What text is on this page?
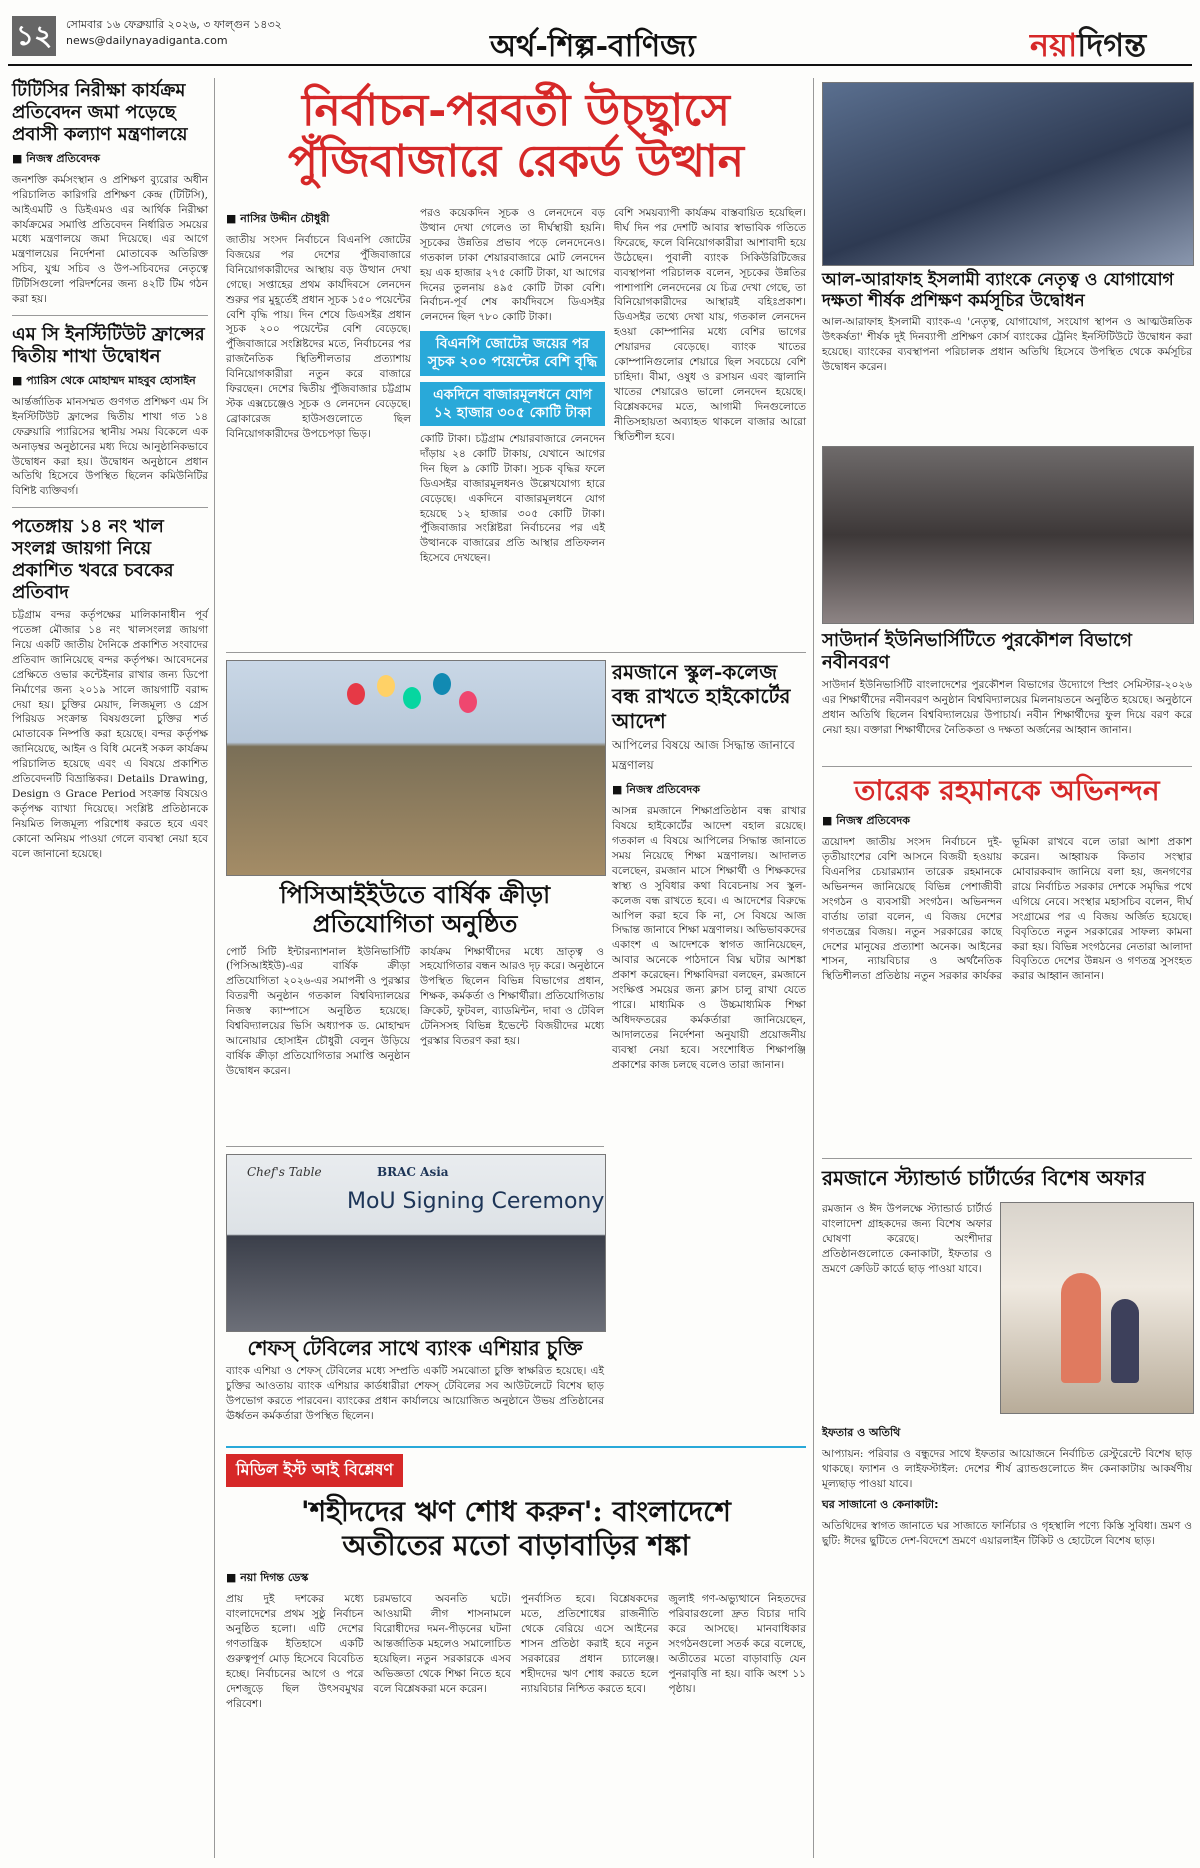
১২	সোমবার ১৬ ফেব্রুয়ারি ২০২৬, ৩ ফাল্গুন ১৪৩২
news@dailynayadiganta.com	অর্থ-শিল্প-বাণিজ্য	নয়াদিগন্ত
টিটিসির নিরীক্ষা কার্যক্রম প্রতিবেদন জমা পড়েছে প্রবাসী কল্যাণ মন্ত্রণালয়ে
■ নিজস্ব প্রতিবেদক

জনশক্তি কর্মসংস্থান ও প্রশিক্ষণ ব্যুরোর অধীন পরিচালিত কারিগরি প্রশিক্ষণ কেন্দ্র (টিটিসি), আইএমটি ও ডিইএমও এর আর্থিক নিরীক্ষা কার্যক্রমের সমাপ্তি প্রতিবেদন নির্ধারিত সময়ের মধ্যে মন্ত্রণালয়ে জমা দিয়েছে। এর আগে মন্ত্রণালয়ের নির্দেশনা মোতাবেক অতিরিক্ত সচিব, যুগ্ম সচিব ও উপ-সচিবদের নেতৃত্বে টিটিসিগুলো পরিদর্শনের জন্য ৪২টি টিম গঠন করা হয়।

এম সি ইনস্টিটিউট ফ্রান্সের দ্বিতীয় শাখা উদ্বোধন
■ প্যারিস থেকে মোহাম্মদ মাহবুব হোসাইন

আর্ন্তর্জাতিক মানসম্মত গুণগত প্রশিক্ষণ এম সি ইনস্টিটিউট ফ্রান্সের দ্বিতীয় শাখা গত ১৪ ফেব্রুয়ারি প্যারিসের স্থানীয় সময় বিকেলে এক অনাড়ম্বর অনুষ্ঠানের মধ্য দিয়ে আনুষ্ঠানিকভাবে উদ্বোধন করা হয়। উদ্বোধন অনুষ্ঠানে প্রধান অতিথি হিসেবে উপস্থিত ছিলেন কমিউনিটির বিশিষ্ট ব্যক্তিবর্গ।

পতেঙ্গায় ১৪ নং খাল সংলগ্ন জায়গা নিয়ে প্রকাশিত খবরে চবকের প্রতিবাদ

চট্টগ্রাম বন্দর কর্তৃপক্ষের মালিকানাধীন পূর্ব পতেঙ্গা মৌজার ১৪ নং খালসংলগ্ন জায়গা নিয়ে একটি জাতীয় দৈনিকে প্রকাশিত সংবাদের প্রতিবাদ জানিয়েছে বন্দর কর্তৃপক্ষ। আবেদনের প্রেক্ষিতে ওভার কন্টেইনার রাখার জন্য ডিপো নির্মাণের জন্য ২০১৯ সালে জায়গাটি বরাদ্দ দেয়া হয়। চুক্তির মেয়াদ, লিজমূল্য ও গ্রেস পিরিয়ড সংক্রান্ত বিষয়গুলো চুক্তির শর্ত মোতাবেক নিষ্পত্তি করা হয়েছে। বন্দর কর্তৃপক্ষ জানিয়েছে, আইন ও বিধি মেনেই সকল কার্যক্রম পরিচালিত হয়েছে এবং এ বিষয়ে প্রকাশিত প্রতিবেদনটি বিভ্রান্তিকর। Details Drawing, Design ও Grace Period সংক্রান্ত বিষয়েও কর্তৃপক্ষ ব্যাখ্যা দিয়েছে। সংশ্লিষ্ট প্রতিষ্ঠানকে নিয়মিত লিজমূল্য পরিশোধ করতে হবে এবং কোনো অনিয়ম পাওয়া গেলে ব্যবস্থা নেয়া হবে বলে জানানো হয়েছে।

নির্বাচন-পরবর্তী উচ্ছ্বাসে
পুঁজিবাজারে রেকর্ড উত্থান
■ নাসির উদ্দীন চৌধুরী

জাতীয় সংসদ নির্বাচনে বিএনপি জোটের বিজয়ের পর দেশের পুঁজিবাজারে বিনিয়োগকারীদের আস্থায় বড় উত্থান দেখা গেছে। সপ্তাহের প্রথম কার্যদিবসে লেনদেন শুরুর পর মুহূর্তেই প্রধান সূচক ১৫০ পয়েন্টের বেশি বৃদ্ধি পায়। দিন শেষে ডিএসইর প্রধান সূচক ২০০ পয়েন্টের বেশি বেড়েছে। পুঁজিবাজারে সংশ্লিষ্টদের মতে, নির্বাচনের পর রাজনৈতিক স্থিতিশীলতার প্রত্যাশায় বিনিয়োগকারীরা নতুন করে বাজারে ফিরছেন। দেশের দ্বিতীয় পুঁজিবাজার চট্টগ্রাম স্টক এক্সচেঞ্জেও সূচক ও লেনদেন বেড়েছে। ব্রোকারেজ হাউসগুলোতে ছিল বিনিয়োগকারীদের উপচেপড়া ভিড়।

পরও কয়েকদিন সূচক ও লেনদেনে বড় উত্থান দেখা গেলেও তা দীর্ঘস্থায়ী হয়নি। সূচকের উন্নতির প্রভাব পড়ে লেনদেনেও। গতকাল ঢাকা শেয়ারবাজারে মোট লেনদেন হয় এক হাজার ২৭৫ কোটি টাকা, যা আগের দিনের তুলনায় ৪৯৫ কোটি টাকা বেশি। নির্বাচন-পূর্ব শেষ কার্যদিবসে ডিএসইর লেনদেন ছিল ৭৮০ কোটি টাকা।

বিএনপি জোটের জয়ের পর সূচক ২০০ পয়েন্টের বেশি বৃদ্ধি
একদিনে বাজারমূলধনে যোগ ১২ হাজার ৩০৫ কোটি টাকা

কোটি টাকা। চট্টগ্রাম শেয়ারবাজারে লেনদেন দাঁড়ায় ২৪ কোটি টাকায়, যেখানে আগের দিন ছিল ৯ কোটি টাকা। সূচক বৃদ্ধির ফলে ডিএসইর বাজারমূলধনও উল্লেখযোগ্য হারে বেড়েছে। একদিনে বাজারমূলধনে যোগ হয়েছে ১২ হাজার ৩০৫ কোটি টাকা। পুঁজিবাজার সংশ্লিষ্টরা নির্বাচনের পর এই উত্থানকে বাজারের প্রতি আস্থার প্রতিফলন হিসেবে দেখছেন।

বেশি সময়ব্যাপী কার্যক্রম বাস্তবায়িত হয়েছিল। দীর্ঘ দিন পর দেশটি আবার স্বাভাবিক গতিতে ফিরেছে, ফলে বিনিয়োগকারীরা আশাবাদী হয়ে উঠেছেন। পুবালী ব্যাংক সিকিউরিটিজের ব্যবস্থাপনা পরিচালক বলেন, সূচকের উন্নতির পাশাপাশি লেনদেনের যে চিত্র দেখা গেছে, তা বিনিয়োগকারীদের আস্থারই বহিঃপ্রকাশ। ডিএসইর তথ্যে দেখা যায়, গতকাল লেনদেন হওয়া কোম্পানির মধ্যে বেশির ভাগের শেয়ারদর বেড়েছে। ব্যাংক খাতের কোম্পানিগুলোর শেয়ারে ছিল সবচেয়ে বেশি চাহিদা। বীমা, ওষুধ ও রসায়ন এবং জ্বালানি খাতের শেয়ারেও ভালো লেনদেন হয়েছে। বিশ্লেষকদের মতে, আগামী দিনগুলোতে নীতিসহায়তা অব্যাহত থাকলে বাজার আরো স্থিতিশীল হবে।

পিসিআইইউতে বার্ষিক ক্রীড়া প্রতিযোগিতা অনুষ্ঠিত

পোর্ট সিটি ইন্টারন্যাশনাল ইউনিভার্সিটি (পিসিআইইউ)-এর বার্ষিক ক্রীড়া প্রতিযোগিতা ২০২৬-এর সমাপনী ও পুরস্কার বিতরণী অনুষ্ঠান গতকাল বিশ্ববিদ্যালয়ের নিজস্ব ক্যাম্পাসে অনুষ্ঠিত হয়েছে। বিশ্ববিদ্যালয়ের ভিসি অধ্যাপক ড. মোহাম্মদ আনোয়ার হোসাইন চৌধুরী বেলুন উড়িয়ে বার্ষিক ক্রীড়া প্রতিযোগিতার সমাপ্তি অনুষ্ঠান উদ্বোধন করেন।

কার্যক্রম শিক্ষার্থীদের মধ্যে ভ্রাতৃত্ব ও সহযোগিতার বন্ধন আরও দৃঢ় করে। অনুষ্ঠানে উপস্থিত ছিলেন বিভিন্ন বিভাগের প্রধান, শিক্ষক, কর্মকর্তা ও শিক্ষার্থীরা। প্রতিযোগিতায় ক্রিকেট, ফুটবল, ব্যাডমিন্টন, দাবা ও টেবিল টেনিসসহ বিভিন্ন ইভেন্টে বিজয়ীদের মধ্যে পুরস্কার বিতরণ করা হয়।

Chef's Table	BRAC Asia
MoU Signing Ceremony
শেফস্ টেবিলের সাথে ব্যাংক এশিয়ার চুক্তি

ব্যাংক এশিয়া ও শেফস্ টেবিলের মধ্যে সম্প্রতি একটি সমঝোতা চুক্তি স্বাক্ষরিত হয়েছে। এই চুক্তির আওতায় ব্যাংক এশিয়ার কার্ডধারীরা শেফস্ টেবিলের সব আউটলেটে বিশেষ ছাড় উপভোগ করতে পারবেন। ব্যাংকের প্রধান কার্যালয়ে আয়োজিত অনুষ্ঠানে উভয় প্রতিষ্ঠানের ঊর্ধ্বতন কর্মকর্তারা উপস্থিত ছিলেন।

রমজানে স্কুল-কলেজ বন্ধ রাখতে হাইকোর্টের আদেশ
আপিলের বিষয়ে আজ সিদ্ধান্ত জানাবে মন্ত্রণালয়
■ নিজস্ব প্রতিবেদক

আসন্ন রমজানে শিক্ষাপ্রতিষ্ঠান বন্ধ রাখার বিষয়ে হাইকোর্টের আদেশ বহাল রয়েছে। গতকাল এ বিষয়ে আপিলের সিদ্ধান্ত জানাতে সময় নিয়েছে শিক্ষা মন্ত্রণালয়। আদালত বলেছেন, রমজান মাসে শিক্ষার্থী ও শিক্ষকদের স্বাস্থ্য ও সুবিধার কথা বিবেচনায় সব স্কুল-কলেজ বন্ধ রাখতে হবে। এ আদেশের বিরুদ্ধে আপিল করা হবে কি না, সে বিষয়ে আজ সিদ্ধান্ত জানাবে শিক্ষা মন্ত্রণালয়। অভিভাবকদের একাংশ এ আদেশকে স্বাগত জানিয়েছেন, আবার অনেকে পাঠদানে বিঘ্ন ঘটার আশঙ্কা প্রকাশ করেছেন। শিক্ষাবিদরা বলছেন, রমজানে সংক্ষিপ্ত সময়ের জন্য ক্লাস চালু রাখা যেতে পারে। মাধ্যমিক ও উচ্চমাধ্যমিক শিক্ষা অধিদফতরের কর্মকর্তারা জানিয়েছেন, আদালতের নির্দেশনা অনুযায়ী প্রয়োজনীয় ব্যবস্থা নেয়া হবে। সংশোধিত শিক্ষাপঞ্জি প্রকাশের কাজ চলছে বলেও তারা জানান।

মিডিল ইস্ট আই বিশ্লেষণ
'শহীদদের ঋণ শোধ করুন': বাংলাদেশে
অতীতের মতো বাড়াবাড়ির শঙ্কা
■ নয়া দিগন্ত ডেস্ক

প্রায় দুই দশকের মধ্যে বাংলাদেশের প্রথম সুষ্ঠু নির্বাচন অনুষ্ঠিত হলো। এটি দেশের গণতান্ত্রিক ইতিহাসে একটি গুরুত্বপূর্ণ মোড় হিসেবে বিবেচিত হচ্ছে। নির্বাচনের আগে ও পরে দেশজুড়ে ছিল উৎসবমুখর পরিবেশ।

চরমভাবে অবনতি ঘটে। আওয়ামী লীগ শাসনামলে বিরোধীদের দমন-পীড়নের ঘটনা আন্তর্জাতিক মহলেও সমালোচিত হয়েছিল। নতুন সরকারকে এসব অভিজ্ঞতা থেকে শিক্ষা নিতে হবে বলে বিশ্লেষকরা মনে করেন।

পুনর্বাসিত হবে। বিশ্লেষকদের মতে, প্রতিশোধের রাজনীতি থেকে বেরিয়ে এসে আইনের শাসন প্রতিষ্ঠা করাই হবে নতুন সরকারের প্রধান চ্যালেঞ্জ। শহীদদের ঋণ শোধ করতে হলে ন্যায়বিচার নিশ্চিত করতে হবে।

জুলাই গণ-অভ্যুত্থানে নিহতদের পরিবারগুলো দ্রুত বিচার দাবি করে আসছে। মানবাধিকার সংগঠনগুলো সতর্ক করে বলেছে, অতীতের মতো বাড়াবাড়ি যেন পুনরাবৃত্তি না হয়। বাকি অংশ ১১ পৃষ্ঠায়।

আল-আরাফাহ ইসলামী ব্যাংকে নেতৃত্ব ও যোগাযোগ দক্ষতা শীর্ষক প্রশিক্ষণ কর্মসূচির উদ্বোধন

আল-আরাফাহ ইসলামী ব্যাংক-এ 'নেতৃত্ব, যোগাযোগ, সংযোগ স্থাপন ও আত্মউন্নতিক উৎকর্ষতা' শীর্ষক দুই দিনব্যাপী প্রশিক্ষণ কোর্স ব্যাংকের ট্রেনিং ইনস্টিটিউটে উদ্বোধন করা হয়েছে। ব্যাংকের ব্যবস্থাপনা পরিচালক প্রধান অতিথি হিসেবে উপস্থিত থেকে কর্মসূচির উদ্বোধন করেন।

সাউদার্ন ইউনিভার্সিটিতে পুরকৌশল বিভাগে নবীনবরণ

সাউদার্ন ইউনিভার্সিটি বাংলাদেশের পুরকৌশল বিভাগের উদ্যোগে স্প্রিং সেমিস্টার-২০২৬ এর শিক্ষার্থীদের নবীনবরণ অনুষ্ঠান বিশ্ববিদ্যালয়ের মিলনায়তনে অনুষ্ঠিত হয়েছে। অনুষ্ঠানে প্রধান অতিথি ছিলেন বিশ্ববিদ্যালয়ের উপাচার্য। নবীন শিক্ষার্থীদের ফুল দিয়ে বরণ করে নেয়া হয়। বক্তারা শিক্ষার্থীদের নৈতিকতা ও দক্ষতা অর্জনের আহ্বান জানান।

তারেক রহমানকে অভিনন্দন
■ নিজস্ব প্রতিবেদক

ত্রয়োদশ জাতীয় সংসদ নির্বাচনে দুই-তৃতীয়াংশের বেশি আসনে বিজয়ী হওয়ায় বিএনপির চেয়ারম্যান তারেক রহমানকে অভিনন্দন জানিয়েছে বিভিন্ন পেশাজীবী সংগঠন ও ব্যবসায়ী সংগঠন। অভিনন্দন বার্তায় তারা বলেন, এ বিজয় দেশের গণতন্ত্রের বিজয়। নতুন সরকারের কাছে দেশের মানুষের প্রত্যাশা অনেক। আইনের শাসন, ন্যায়বিচার ও অর্থনৈতিক স্থিতিশীলতা প্রতিষ্ঠায় নতুন সরকার কার্যকর ভূমিকা রাখবে বলে তারা আশা প্রকাশ করেন। আহ্বায়ক কিতাব সংস্থার মোবারকবাদ জানিয়ে বলা হয়, জনগণের রায়ে নির্বাচিত সরকার দেশকে সমৃদ্ধির পথে এগিয়ে নেবে। সংস্থার মহাসচিব বলেন, দীর্ঘ সংগ্রামের পর এ বিজয় অর্জিত হয়েছে। বিবৃতিতে নতুন সরকারের সাফল্য কামনা করা হয়। বিভিন্ন সংগঠনের নেতারা আলাদা বিবৃতিতে দেশের উন্নয়ন ও গণতন্ত্র সুসংহত করার আহ্বান জানান।

রমজানে স্ট্যান্ডার্ড চার্টার্ডের বিশেষ অফার

রমজান ও ঈদ উপলক্ষে স্ট্যান্ডার্ড চার্টার্ড বাংলাদেশ গ্রাহকদের জন্য বিশেষ অফার ঘোষণা করেছে। অংশীদার প্রতিষ্ঠানগুলোতে কেনাকাটা, ইফতার ও ভ্রমণে ক্রেডিট কার্ডে ছাড় পাওয়া যাবে।

ইফতার ও অতিথি

আপ্যায়ন: পরিবার ও বন্ধুদের সাথে ইফতার আয়োজনে নির্বাচিত রেস্টুরেন্টে বিশেষ ছাড় থাকছে। ফ্যাশন ও লাইফস্টাইল: দেশের শীর্ষ ব্র্যান্ডগুলোতে ঈদ কেনাকাটায় আকর্ষণীয় মূল্যছাড় পাওয়া যাবে।

ঘর সাজানো ও কেনাকাটা:

অতিথিদের স্বাগত জানাতে ঘর সাজাতে ফার্নিচার ও গৃহস্থালি পণ্যে কিস্তি সুবিধা। ভ্রমণ ও ছুটি: ঈদের ছুটিতে দেশ-বিদেশে ভ্রমণে এয়ারলাইন টিকিট ও হোটেলে বিশেষ ছাড়।
